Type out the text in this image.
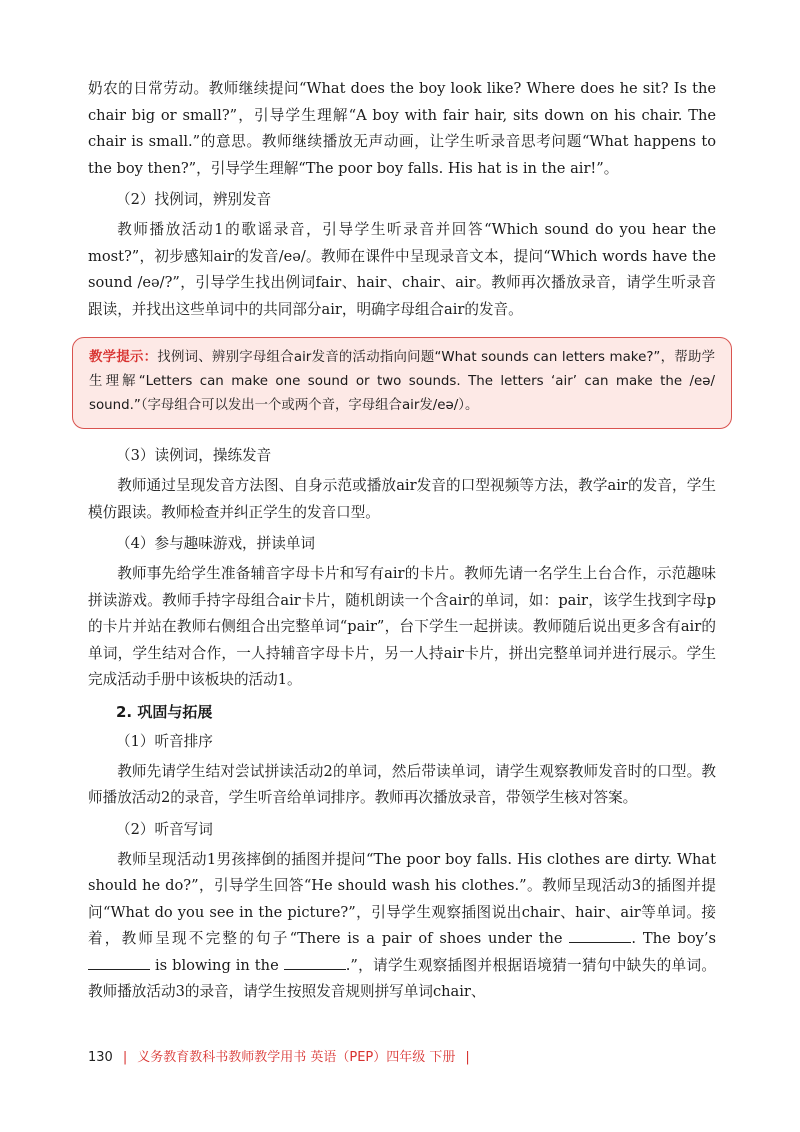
奶农的日常劳动。教师继续提问“What does the boy look like? Where does he sit? Is the chair big or small?”，引导学生理解“A boy with fair hair, sits down on his chair. The chair is small.”的意思。教师继续播放无声动画，让学生听录音思考问题“What happens to the boy then?”，引导学生理解“The poor boy falls. His hat is in the air!”。

（2）找例词，辨别发音

教师播放活动1的歌谣录音，引导学生听录音并回答“Which sound do you hear the most?”，初步感知air的发音/eə/。教师在课件中呈现录音文本，提问“Which words have the sound /eə/?”，引导学生找出例词fair、hair、chair、air。教师再次播放录音，请学生听录音跟读，并找出这些单词中的共同部分air，明确字母组合air的发音。

教学提示：找例词、辨别字母组合air发音的活动指向问题“What sounds can letters make?”，帮助学生理解“Letters can make one sound or two sounds. The letters ‘air’ can make the /eə/ sound.”（字母组合可以发出一个或两个音，字母组合air发/eə/）。
（3）读例词，操练发音

教师通过呈现发音方法图、自身示范或播放air发音的口型视频等方法，教学air的发音，学生模仿跟读。教师检查并纠正学生的发音口型。

（4）参与趣味游戏，拼读单词

教师事先给学生准备辅音字母卡片和写有air的卡片。教师先请一名学生上台合作，示范趣味拼读游戏。教师手持字母组合air卡片，随机朗读一个含air的单词，如：pair，该学生找到字母p的卡片并站在教师右侧组合出完整单词“pair”，台下学生一起拼读。教师随后说出更多含有air的单词，学生结对合作，一人持辅音字母卡片，另一人持air卡片，拼出完整单词并进行展示。学生完成活动手册中该板块的活动1。

2. 巩固与拓展
（1）听音排序

教师先请学生结对尝试拼读活动2的单词，然后带读单词，请学生观察教师发音时的口型。教师播放活动2的录音，学生听音给单词排序。教师再次播放录音，带领学生核对答案。

（2）听音写词

教师呈现活动1男孩摔倒的插图并提问“The poor boy falls. His clothes are dirty. What should he do?”，引导学生回答“He should wash his clothes.”。教师呈现活动3的插图并提问“What do you see in the picture?”，引导学生观察插图说出chair、hair、air等单词。接着，教师呈现不完整的句子“There is a pair of shoes under the	. The boy’s  is blowing in the	.”，请学生观察插图并根据语境猜一猜句中缺失的单词。教师播放活动3的录音，请学生按照发音规则拼写单词chair、

130 | 义务教育教科书教师教学用书 英语（PEP）四年级 下册 |
